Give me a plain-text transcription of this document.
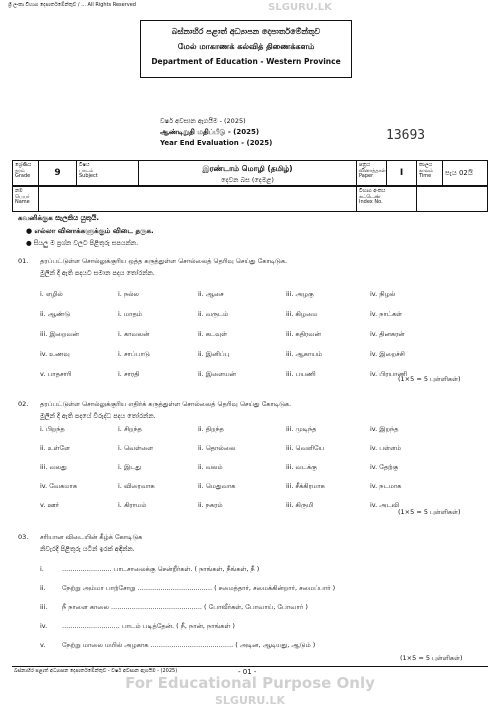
ශ්‍රී ලංකා විභාග දෙපාර්තමේන්තුව / ... All Rights Reserved	SLGURU.LK
බස්නාහිර පළාත් අධ්‍යාපන දෙපාර්තමේන්තුව
மேல் மாகாணக் கல்வித் திணைக்களம்
Department of Education - Western Province
වර්ෂ අවසාන ඇගයීම - (2025)
ஆண்டிறுதி மதிப்பீடு - (2025)
Year End Evaluation - (2025)	13693
ශ්‍රේණිය
தரம்
Grade	9
විෂය
பாடம்
Subject
இரண்டாம் மொழி (தமிழ்)
දෙවන බස (දෙමළ)
පත්‍රය
வினாத்தாள்
Paper	I
කාලය
காலம்
Time	පැය 02යි
නම
பெயர்
Name
විභාග අංකය
சுட்டெண்
Index No.
கவனிக்குக සැලකිය යුතුයි.
● எல்லா வினாக்களுக்கும் விடை தருக.
● සියලු ම ප්‍රශ්න වලට පිළිතුරු සපයන්න.
01. தரப்பட்டுள்ள சொல்லுக்குரிய ஒத்த கருத்துள்ள சொல்லைத் தெரிவு செய்து கோடிடுக.
මුලින් දී ඇති පදයට සමාන පදය තෝරන්න.
i. எழில்	i. நல்ல	ii. ஆசை	iii. அழகு	iv. நிழல்
ii. ஆண்டு	i. மாதம்	ii. வருடம்	iii. கிழமை	iv. நாட்கள்
iii. இறைவன்	i. காவலன்	ii. கடவுள்	iii. கதிரவன்	iv. தினகரன்
iv. உணவு	i. சாப்பாடு	ii. இனிப்பு	iii. ஆகாயம்	iv. இறைச்சி
v. பாதசாரி	i. சாரதி	ii. இளையன்	iii. பயணி	iv. பிரயாணி
(1×5 = 5 புள்ளிகள்)
02. தரப்பட்டுள்ள சொல்லுக்குரிய எதிர்க் கருத்துள்ள சொல்லைத் தெரிவு செய்து கோடிடுக.
මුලින් දී ඇති පදයේ විරුද්ධ පදය තෝරන්න.
i. பிறந்த	i. சிறந்த	ii. திறந்த	iii. முடிந்த	iv. இறந்த
ii. உள்ளே	i. வெள்ளை	ii. தொல்லை	iii. வெளியே	iv. பள்ளம்
iii. வலது	i. இடது	ii. வலம்	iii. வடக்கு	iv. தேற்கு
iv. வேகமாக	i. விரைவாக	ii. மெதுவாக	iii. சீக்கிரமாக	iv. நடமாக
v. ஊர்	i. கிராமம்	ii. நகரம்	iii. கிருமி	iv. அடவி
(1×5 = 5 புள்ளிகள்)
03. சரியான விடையின் கீழ்க் கோடிடுக
නිවැරදි පිළිතුරු යටින් ඉරක් අඳින්න.
i.	........................ பாடசாலைக்கு சென்றீர்கள். ( நாங்கள், நீங்கள், நீ )
ii.	நேற்று அம்மா பாற்சோறு .................................... ( சமைத்தார், சமைக்கின்றார், சமைப்பார் )
iii. நீ நாளை காலை ............................................ ( போவீர்கள், போவாய், போவார் )
iv. ............................ பாடம் படித்தேன். ( நீ, நான், நாங்கள் )
v.	நேற்று மாலை மயில் அழகாக ........................................ ( அடின, ஆடியது, ஆடும் )
(1×5 = 5 புள்ளிகள்)
බස්නාහිර පළාත් අධ්‍යාපන දෙපාර්තමේන්තුව - වර්ෂ අවසාන ඇගයීම - (2025)	- 01 -
For Educational Purpose Only
SLGURU.LK
